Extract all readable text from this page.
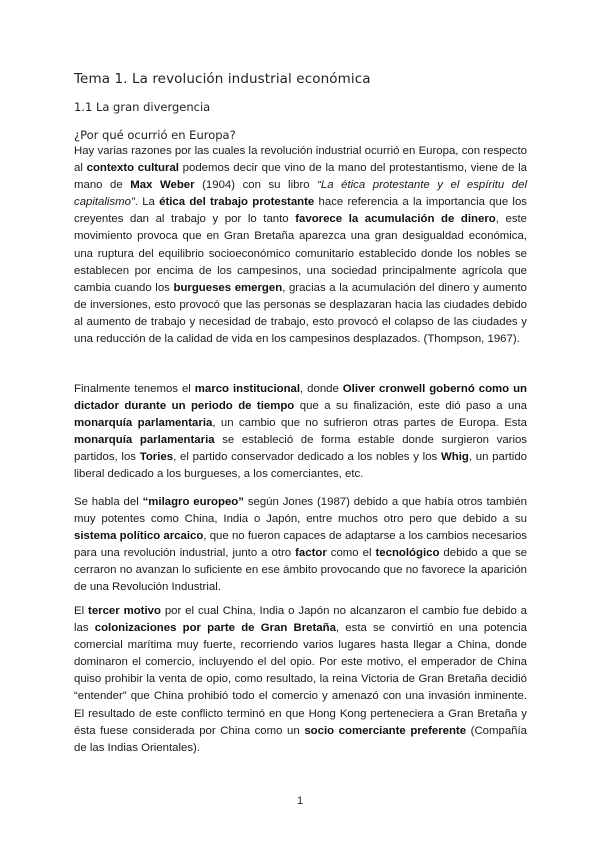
Tema 1. La revolución industrial económica
1.1 La gran divergencia
¿Por qué ocurrió en Europa?
Hay varias razones por las cuales la revolución industrial ocurrió en Europa, con respecto al contexto cultural podemos decir que vino de la mano del protestantismo, viene de la mano de Max Weber (1904) con su libro “La ética protestante y el espíritu del capitalismo”. La ética del trabajo protestante hace referencia a la importancia que los creyentes dan al trabajo y por lo tanto favorece la acumulación de dinero, este movimiento provoca que en Gran Bretaña aparezca una gran desigualdad económica, una ruptura del equilibrio socioeconómico comunitario establecido donde los nobles se establecen por encima de los campesinos, una sociedad principalmente agrícola que cambia cuando los burgueses emergen, gracias a la acumulación del dinero y aumento de inversiones, esto provocó que las personas se desplazaran hacia las ciudades debido al aumento de trabajo y necesidad de trabajo, esto provocó el colapso de las ciudades y una reducción de la calidad de vida en los campesinos desplazados. (Thompson, 1967).
Finalmente tenemos el marco institucional, donde Oliver cronwell gobernó como un dictador durante un periodo de tiempo que a su finalización, este dió paso a una monarquía parlamentaria, un cambio que no sufrieron otras partes de Europa. Esta monarquía parlamentaria se estableció de forma estable donde surgieron varios partidos, los Tories, el partido conservador dedicado a los nobles y los Whig, un partido liberal dedicado a los burgueses, a los comerciantes, etc.
Se habla del “milagro europeo” según Jones (1987) debido a que había otros también muy potentes como China, India o Japón, entre muchos otro pero que debido a su sistema político arcaico, que no fueron capaces de adaptarse a los cambios necesarios para una revolución industrial, junto a otro factor como el tecnológico debido a que se cerraron no avanzan lo suficiente en ese ámbito provocando que no favorece la aparición de una Revolución Industrial.
El tercer motivo por el cual China, India o Japón no alcanzaron el cambio fue debido a las colonizaciones por parte de Gran Bretaña, esta se convirtió en una potencia comercial marítima muy fuerte, recorriendo varios lugares hasta llegar a China, donde dominaron el comercio, incluyendo el del opio. Por este motivo, el emperador de China quiso prohibir la venta de opio, como resultado, la reina Victoria de Gran Bretaña decidió “entender” que China prohibió todo el comercio y amenazó con una invasión inminente. El resultado de este conflicto terminó en que Hong Kong perteneciera a Gran Bretaña y ésta fuese considerada por China como un socio comerciante preferente (Compañía de las Indias Orientales).
1
